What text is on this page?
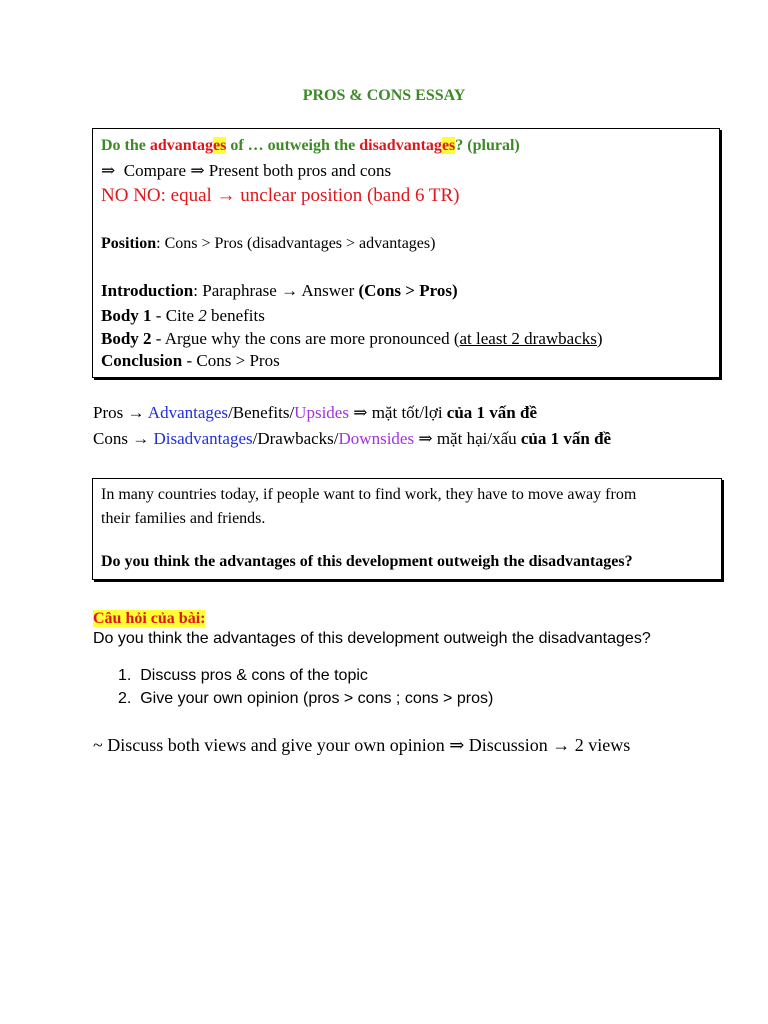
PROS & CONS ESSAY
Do the advantages of … outweigh the disadvantages? (plural)
⇒ Compare ⇒ Present both pros and cons
NO NO: equal → unclear position (band 6 TR)
Position: Cons > Pros (disadvantages > advantages)
Introduction: Paraphrase → Answer (Cons > Pros)
Body 1 - Cite 2 benefits
Body 2 - Argue why the cons are more pronounced (at least 2 drawbacks)
Conclusion - Cons > Pros
Pros → Advantages/Benefits/Upsides ⇒ mặt tốt/lợi của 1 vấn đề
Cons → Disadvantages/Drawbacks/Downsides ⇒ mặt hại/xấu của 1 vấn đề
In many countries today, if people want to find work, they have to move away from
their families and friends.
Do you think the advantages of this development outweigh the disadvantages?
Câu hỏi của bài:
Do you think the advantages of this development outweigh the disadvantages?
1. Discuss pros & cons of the topic
2. Give your own opinion (pros > cons ; cons > pros)
~ Discuss both views and give your own opinion ⇒ Discussion → 2 views
